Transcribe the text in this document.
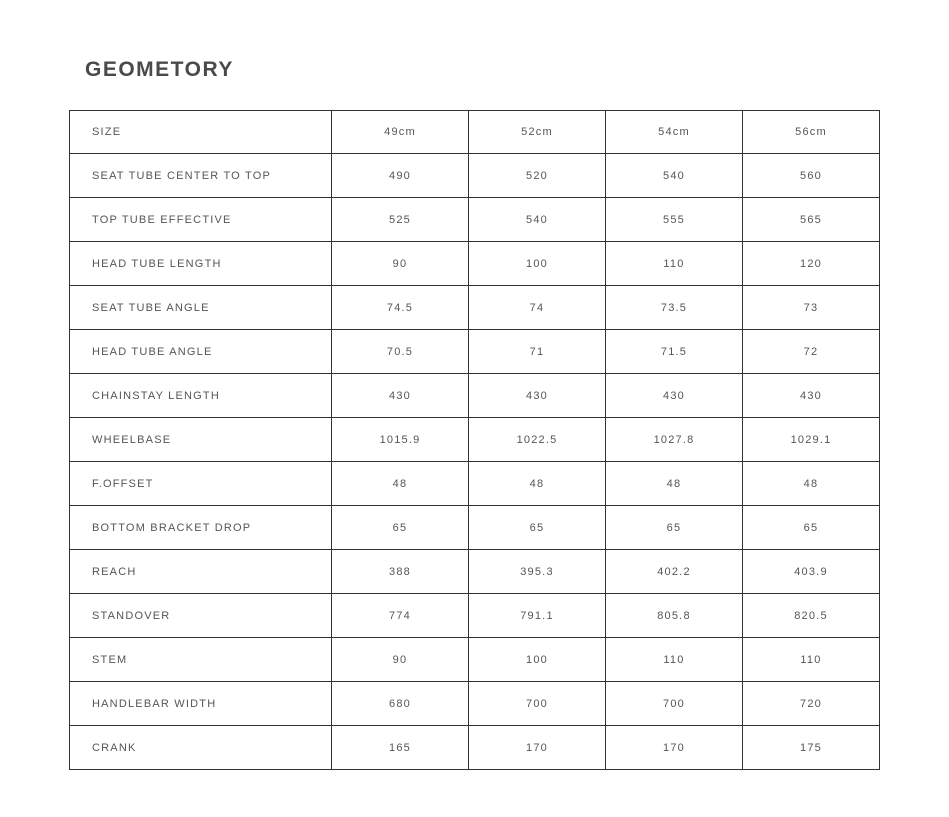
GEOMETORY
SIZE	49cm	52cm	54cm	56cm
SEAT TUBE CENTER TO TOP	490	520	540	560
TOP TUBE EFFECTIVE	525	540	555	565
HEAD TUBE LENGTH	90	100	110	120
SEAT TUBE ANGLE	74.5	74	73.5	73
HEAD TUBE ANGLE	70.5	71	71.5	72
CHAINSTAY LENGTH	430	430	430	430
WHEELBASE	1015.9	1022.5	1027.8	1029.1
F.OFFSET	48	48	48	48
BOTTOM BRACKET DROP	65	65	65	65
REACH	388	395.3	402.2	403.9
STANDOVER	774	791.1	805.8	820.5
STEM	90	100	110	110
HANDLEBAR WIDTH	680	700	700	720
CRANK	165	170	170	175
